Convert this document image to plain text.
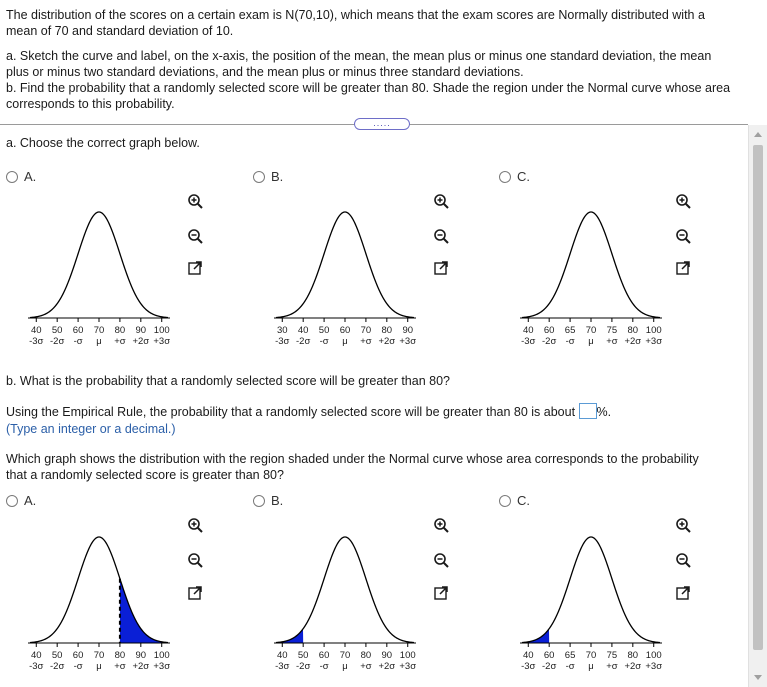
The distribution of the scores on a certain exam is N(70,10), which means that the exam scores are Normally distributed with a

mean of 70 and standard deviation of 10.

a. Sketch the curve and label, on the x-axis, the position of the mean, the mean plus or minus one standard deviation, the mean

plus or minus two standard deviations, and the mean plus or minus three standard deviations.

b. Find the probability that a randomly selected score will be greater than 80. Shade the region under the Normal curve whose area

corresponds to this probability.

.....
a. Choose the correct graph below.
A.	B.	C.
40
-3σ
50
-2σ
60
-σ
70
μ
80
+σ
90
+2σ
100
+3σ
30
-3σ
40
-2σ
50
-σ
60
μ
70
+σ
80
+2σ
90
+3σ
40
-3σ
60
-2σ
65
-σ
70
μ
75
+σ
80
+2σ
100
+3σ
b. What is the probability that a randomly selected score will be greater than 80?
Using the Empirical Rule, the probability that a randomly selected score will be greater than 80 is about %.
(Type an integer or a decimal.)
Which graph shows the distribution with the region shaded under the Normal curve whose area corresponds to the probability
that a randomly selected score is greater than 80?
A.	B.	C.
40
-3σ
50
-2σ
60
-σ
70
μ
80
+σ
90
+2σ
100
+3σ
40
-3σ
50
-2σ
60
-σ
70
μ
80
+σ
90
+2σ
100
+3σ
40
-3σ
60
-2σ
65
-σ
70
μ
75
+σ
80
+2σ
100
+3σ
